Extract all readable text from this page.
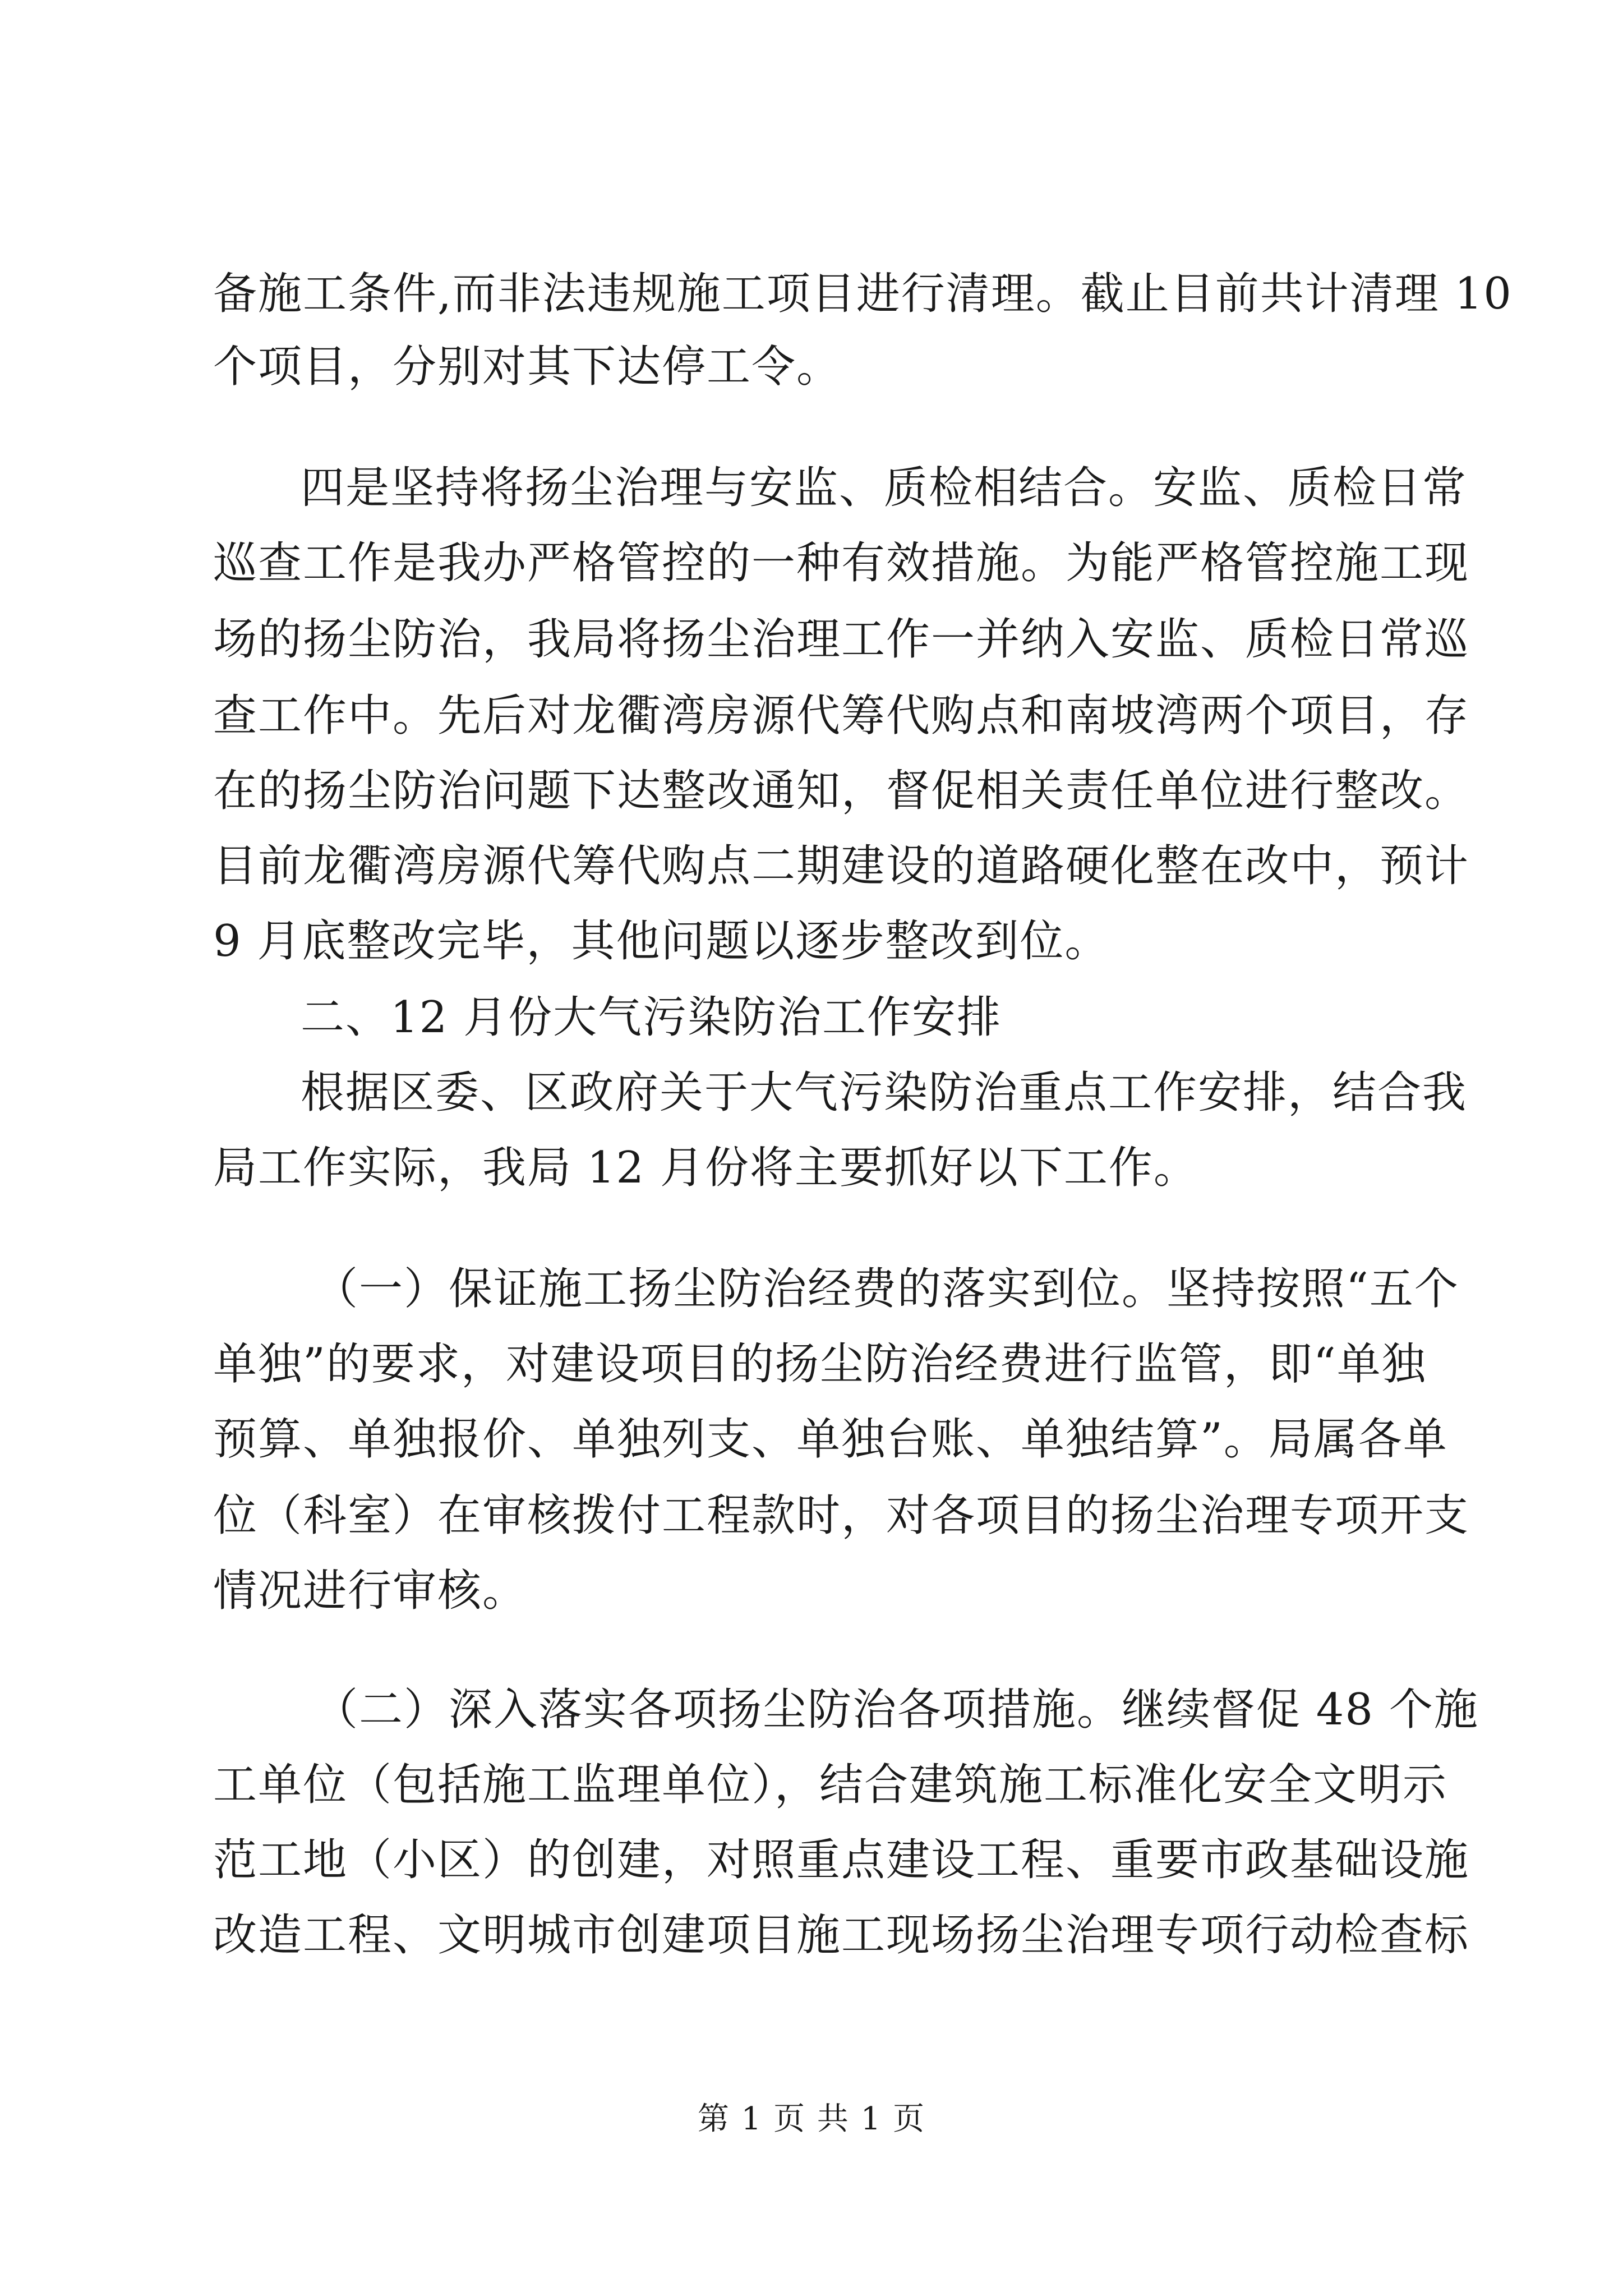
备施工条件,而非法违规施工项目进行清理。截止目前共计清理 10
个项目，分别对其下达停工令。
四是坚持将扬尘治理与安监、质检相结合。安监、质检日常
巡查工作是我办严格管控的一种有效措施。为能严格管控施工现
场的扬尘防治，我局将扬尘治理工作一并纳入安监、质检日常巡
查工作中。先后对龙衢湾房源代筹代购点和南坡湾两个项目，存
在的扬尘防治问题下达整改通知，督促相关责任单位进行整改。
目前龙衢湾房源代筹代购点二期建设的道路硬化整在改中，预计
9 月底整改完毕，其他问题以逐步整改到位。
二、12 月份大气污染防治工作安排
根据区委、区政府关于大气污染防治重点工作安排，结合我
局工作实际，我局 12 月份将主要抓好以下工作。
（一）保证施工扬尘防治经费的落实到位。坚持按照“五个
单独”的要求，对建设项目的扬尘防治经费进行监管，即“单独
预算、单独报价、单独列支、单独台账、单独结算”。局属各单
位（科室）在审核拨付工程款时，对各项目的扬尘治理专项开支
情况进行审核。
（二）深入落实各项扬尘防治各项措施。继续督促 48 个施
工单位（包括施工监理单位），结合建筑施工标准化安全文明示
范工地（小区）的创建，对照重点建设工程、重要市政基础设施
改造工程、文明城市创建项目施工现场扬尘治理专项行动检查标
第 1 页 共 1 页
